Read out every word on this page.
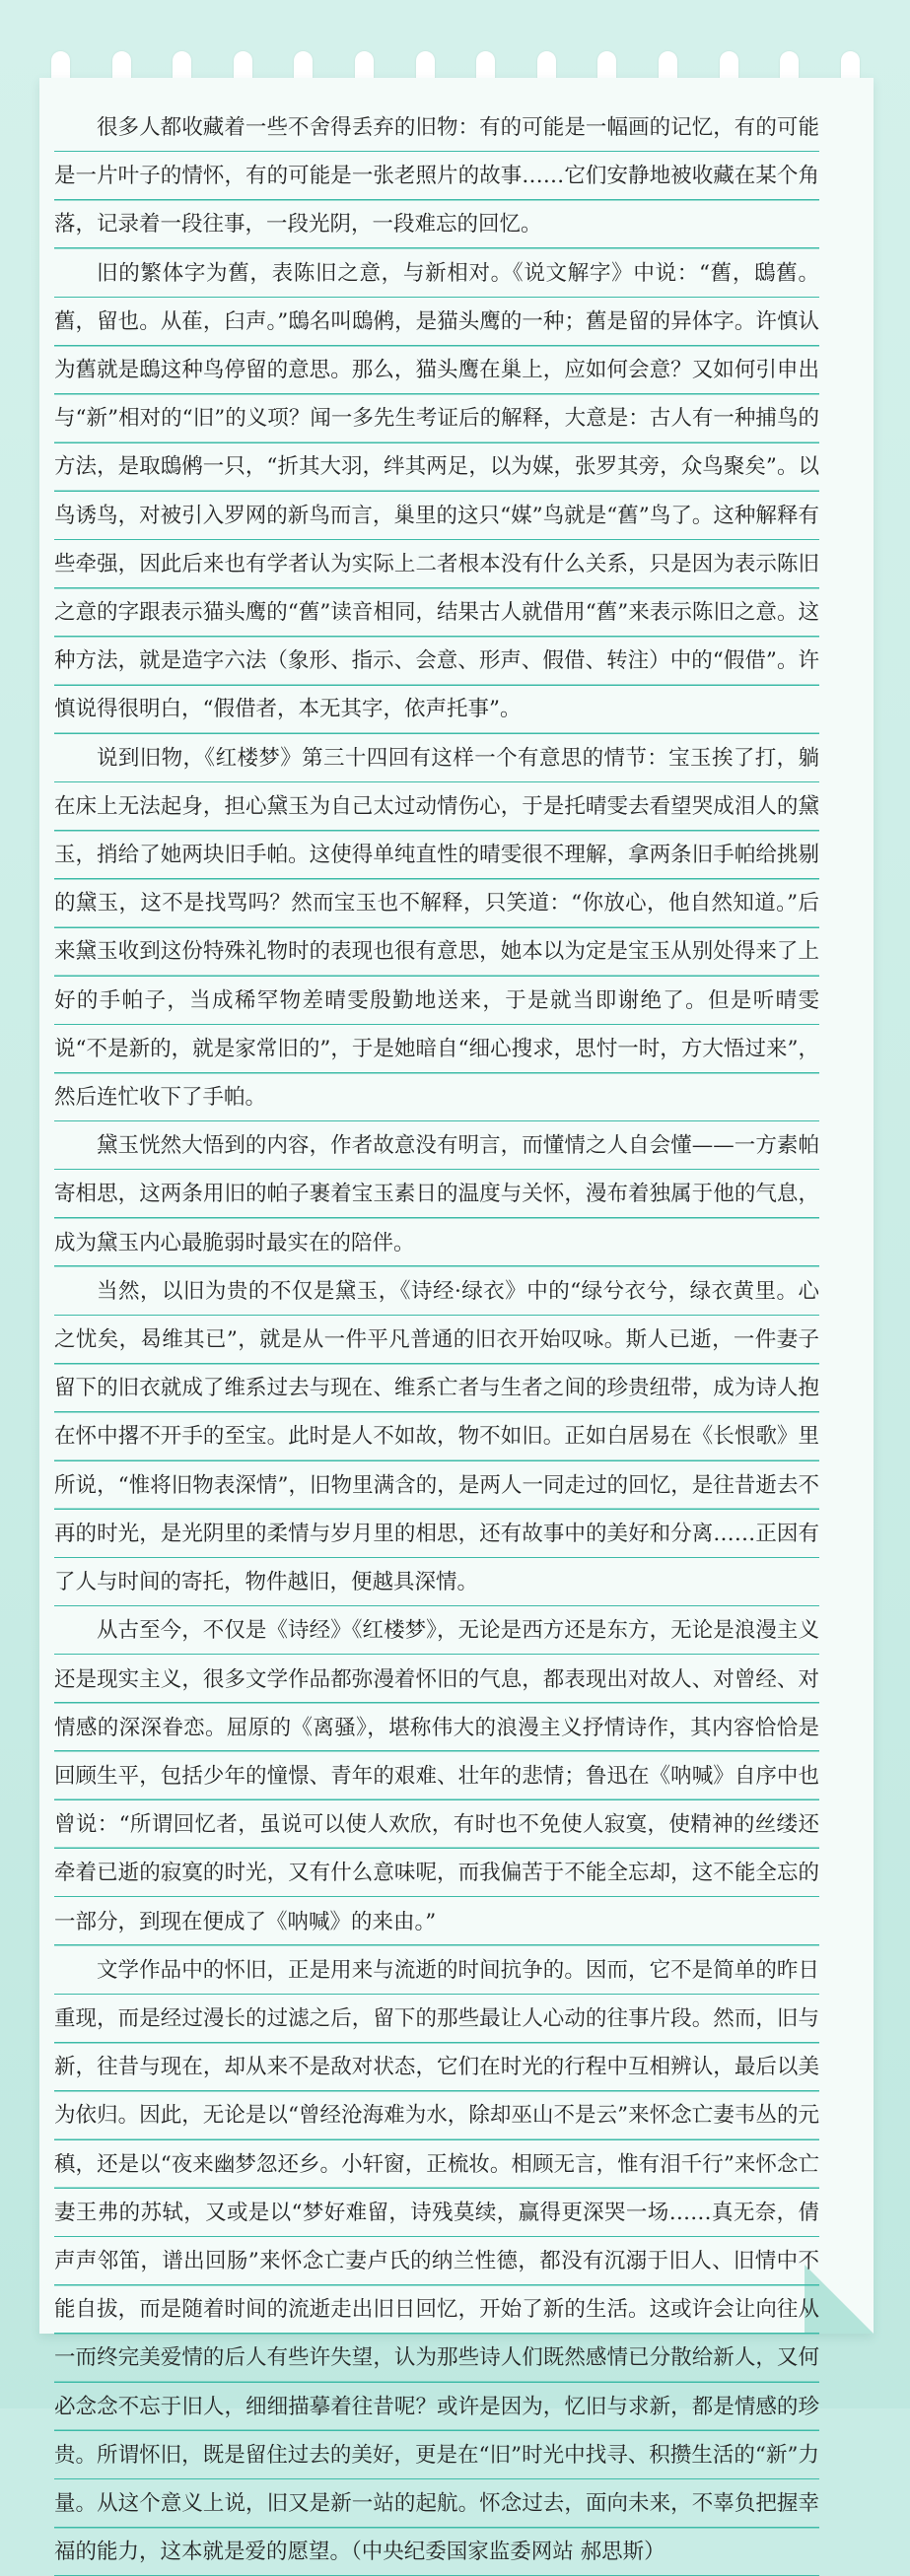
很多人都收藏着一些不舍得丢弃的旧物：有的可能是一幅画的记忆，有的可能是一片叶子的情怀，有的可能是一张老照片的故事……它们安静地被收藏在某个角落，记录着一段往事，一段光阴，一段难忘的回忆。

旧的繁体字为舊，表陈旧之意，与新相对。《说文解字》中说：“舊，鴟舊。舊，留也。从萑，臼声。”鴟名叫鴟鸺，是猫头鹰的一种；舊是留的异体字。许慎认为舊就是鴟这种鸟停留的意思。那么，猫头鹰在巢上，应如何会意？又如何引申出与“新”相对的“旧”的义项？闻一多先生考证后的解释，大意是：古人有一种捕鸟的方法，是取鴟鸺一只，“折其大羽，绊其两足，以为媒，张罗其旁，众鸟聚矣”。以鸟诱鸟，对被引入罗网的新鸟而言，巢里的这只“媒”鸟就是“舊”鸟了。这种解释有些牵强，因此后来也有学者认为实际上二者根本没有什么关系，只是因为表示陈旧之意的字跟表示猫头鹰的“舊”读音相同，结果古人就借用“舊”来表示陈旧之意。这种方法，就是造字六法（象形、指示、会意、形声、假借、转注）中的“假借”。许慎说得很明白，“假借者，本无其字，依声托事”。

说到旧物，《红楼梦》第三十四回有这样一个有意思的情节：宝玉挨了打，躺在床上无法起身，担心黛玉为自己太过动情伤心，于是托晴雯去看望哭成泪人的黛玉，捎给了她两块旧手帕。这使得单纯直性的晴雯很不理解，拿两条旧手帕给挑剔的黛玉，这不是找骂吗？然而宝玉也不解释，只笑道：“你放心，他自然知道。”后来黛玉收到这份特殊礼物时的表现也很有意思，她本以为定是宝玉从别处得来了上好的手帕子，当成稀罕物差晴雯殷勤地送来，于是就当即谢绝了。但是听晴雯说“不是新的，就是家常旧的”，于是她暗自“细心搜求，思忖一时，方大悟过来”，然后连忙收下了手帕。

黛玉恍然大悟到的内容，作者故意没有明言，而懂情之人自会懂——一方素帕寄相思，这两条用旧的帕子裹着宝玉素日的温度与关怀，漫布着独属于他的气息，成为黛玉内心最脆弱时最实在的陪伴。

当然，以旧为贵的不仅是黛玉，《诗经·绿衣》中的“绿兮衣兮，绿衣黄里。心之忧矣，曷维其已”，就是从一件平凡普通的旧衣开始叹咏。斯人已逝，一件妻子留下的旧衣就成了维系过去与现在、维系亡者与生者之间的珍贵纽带，成为诗人抱在怀中撂不开手的至宝。此时是人不如故，物不如旧。正如白居易在《长恨歌》里所说，“惟将旧物表深情”，旧物里满含的，是两人一同走过的回忆，是往昔逝去不再的时光，是光阴里的柔情与岁月里的相思，还有故事中的美好和分离……正因有了人与时间的寄托，物件越旧，便越具深情。

从古至今，不仅是《诗经》《红楼梦》，无论是西方还是东方，无论是浪漫主义还是现实主义，很多文学作品都弥漫着怀旧的气息，都表现出对故人、对曾经、对情感的深深眷恋。屈原的《离骚》，堪称伟大的浪漫主义抒情诗作，其内容恰恰是回顾生平，包括少年的憧憬、青年的艰难、壮年的悲情；鲁迅在《呐喊》自序中也曾说：“所谓回忆者，虽说可以使人欢欣，有时也不免使人寂寞，使精神的丝缕还牵着已逝的寂寞的时光，又有什么意味呢，而我偏苦于不能全忘却，这不能全忘的一部分，到现在便成了《呐喊》的来由。”

文学作品中的怀旧，正是用来与流逝的时间抗争的。因而，它不是简单的昨日重现，而是经过漫长的过滤之后，留下的那些最让人心动的往事片段。然而，旧与新，往昔与现在，却从来不是敌对状态，它们在时光的行程中互相辨认，最后以美为依归。因此，无论是以“曾经沧海难为水，除却巫山不是云”来怀念亡妻韦丛的元稹，还是以“夜来幽梦忽还乡。小轩窗，正梳妆。相顾无言，惟有泪千行”来怀念亡妻王弗的苏轼，又或是以“梦好难留，诗残莫续，赢得更深哭一场……真无奈，倩声声邻笛，谱出回肠”来怀念亡妻卢氏的纳兰性德，都没有沉溺于旧人、旧情中不能自拔，而是随着时间的流逝走出旧日回忆，开始了新的生活。这或许会让向往从一而终完美爱情的后人有些许失望，认为那些诗人们既然感情已分散给新人，又何必念念不忘于旧人，细细描摹着往昔呢？或许是因为，忆旧与求新，都是情感的珍贵。所谓怀旧，既是留住过去的美好，更是在“旧”时光中找寻、积攒生活的“新”力量。从这个意义上说，旧又是新一站的起航。怀念过去，面向未来，不辜负把握幸福的能力，这本就是爱的愿望。（中央纪委国家监委网站 郝思斯）
